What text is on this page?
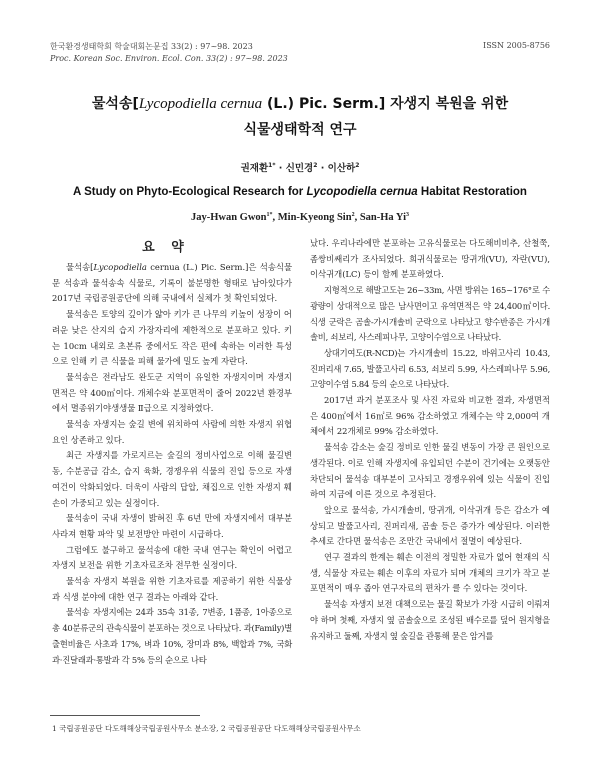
한국환경생태학회 학술대회논문집 33(2) : 97~98. 2023
Proc. Korean Soc. Environ. Ecol. Con. 33(2) : 97~98. 2023
ISSN 2005-8756
물석송[Lycopodiella cernua (L.) Pic. Serm.] 자생지 복원을 위한
식물생태학적 연구
권재환$^{1*}$ · 신민경$^2$ · 이산하$^2$
A Study on Phyto-Ecological Research for Lycopodiella cernua Habitat Restoration
Jay-Hwan Gwon$^{1*}$, Min-Kyeong Sin$^2$, San-Ha Yi$^3$
요 약

물석송[Lycopodiella cernua (L.) Pic. Serm.]은 석송식물문 석송과 물석송속 식물로, 기록이 불분명한 형태로 남아있다가 2017년 국립공원공단에 의해 국내에서 실체가 첫 확인되었다.

물석송은 토양의 깊이가 얇아 키가 큰 나무의 키높이 성장이 어려운 낮은 산지의 습지 가장자리에 제한적으로 분포하고 있다. 키는 10cm 내외로 초본류 중에서도 작은 편에 속하는 이러한 특성으로 인해 키 큰 식물을 피해 물가에 밀도 높게 자란다.

물석송은 전라남도 완도군 지역이 유일한 자생지이며 자생지 면적은 약 400㎡이다. 개체수와 분포면적이 줄어 2022년 환경부에서 멸종위기야생생물 Ⅱ급으로 지정하였다.

물석송 자생지는 숲길 변에 위치하여 사람에 의한 자생지 위협요인 상존하고 있다.

최근 자생지를 가로지르는 숲길의 정비사업으로 이해 물길변동, 수분공급 감소, 습지 육화, 경쟁우위 식물의 진입 등으로 자생여건이 악화되었다. 더욱이 사람의 답압, 채집으로 인한 자생지 훼손이 가중되고 있는 실정이다.

물석송이 국내 자생이 밝혀진 후 6년 만에 자생지에서 대부분 사라져 현황 파악 및 보전방안 마련이 시급하다.

그럼에도 불구하고 물석송에 대한 국내 연구는 확인이 어렵고 자생지 보전을 위한 기초자료조차 전무한 실정이다.

물석송 자생지 복원을 위한 기초자료를 제공하기 위한 식물상과 식생 분야에 대한 연구 결과는 아래와 같다.

물석송 자생지에는 24과 35속 31종, 7변종, 1품종, 1아종으로 총 40분류군의 관속식물이 분포하는 것으로 나타났다. 과(Family)별 출현비율은 사초과 17%, 벼과 10%, 장미과 8%, 백합과 7%, 국화과·진달래과·통발과 각 5% 등의 순으로 나타

났다. 우리나라에만 분포하는 고유식물로는 다도해비비추, 산철쭉, 좀쌍비쌔리가 조사되었다. 희귀식물로는 땅귀개(VU), 자란(VU), 이삭귀개(LC) 등이 함께 분포하였다.

지형적으로 해발고도는 26~33m, 사면 방위는 165~176°로 수광량이 상대적으로 많은 남사면이고 유역면적은 약 24,400㎡이다. 식생 군락은 곰솔-가시개솔비 군락으로 나타났고 향수반종은 가시개솔비, 쇠보리, 사스레피나무, 고양이수염으로 나타났다.

상대기여도(R-NCD)는 가시개솔비 15.22, 바위고사리 10.43, 진퍼리새 7.65, 발풀고사리 6.53, 쇠보리 5.99, 사스레피나무 5.96, 고양이수염 5.84 등의 순으로 나타났다.

2017년 과거 분포조사 및 사진 자료와 비교한 결과, 자생면적은 400㎡에서 16㎡로 96% 감소하였고 개체수는 약 2,000여 개체에서 22개체로 99% 감소하였다.

물석송 감소는 숲길 정비로 인한 물길 변동이 가장 큰 원인으로 생각된다. 이로 인해 자생지에 유입되던 수분이 건기에는 오랫동안 차단되어 물석송 대부분이 고사되고 경쟁우위에 있는 식물이 진입하여 지금에 이른 것으로 추정된다.

앞으로 물석송, 가시개솔비, 땅귀개, 이삭귀개 등은 감소가 예상되고 발풀고사리, 진퍼리새, 곰솔 등은 증가가 예상된다. 이러한 추세로 간다면 물석송은 조만간 국내에서 절멸이 예상된다.

연구 결과의 한계는 훼손 이전의 정밀한 자료가 없어 현재의 식생, 식물상 자료는 훼손 이후의 자료가 되며 개체의 크기가 작고 분포면적이 매우 좁아 연구자료의 편차가 클 수 있다는 것이다.

물석송 자생지 보전 대책으로는 물길 확보가 가장 시급히 이뤄져야 하며 첫째, 자생지 옆 곰솔숲으로 조성된 배수로를 덮어 원지형을 유지하고 둘째, 자생지 옆 숲길을 관통해 묻은 암거를

1 국립공원공단 다도해해상국립공원사무소 분소장, 2 국립공원공단 다도해해상국립공원사무소
